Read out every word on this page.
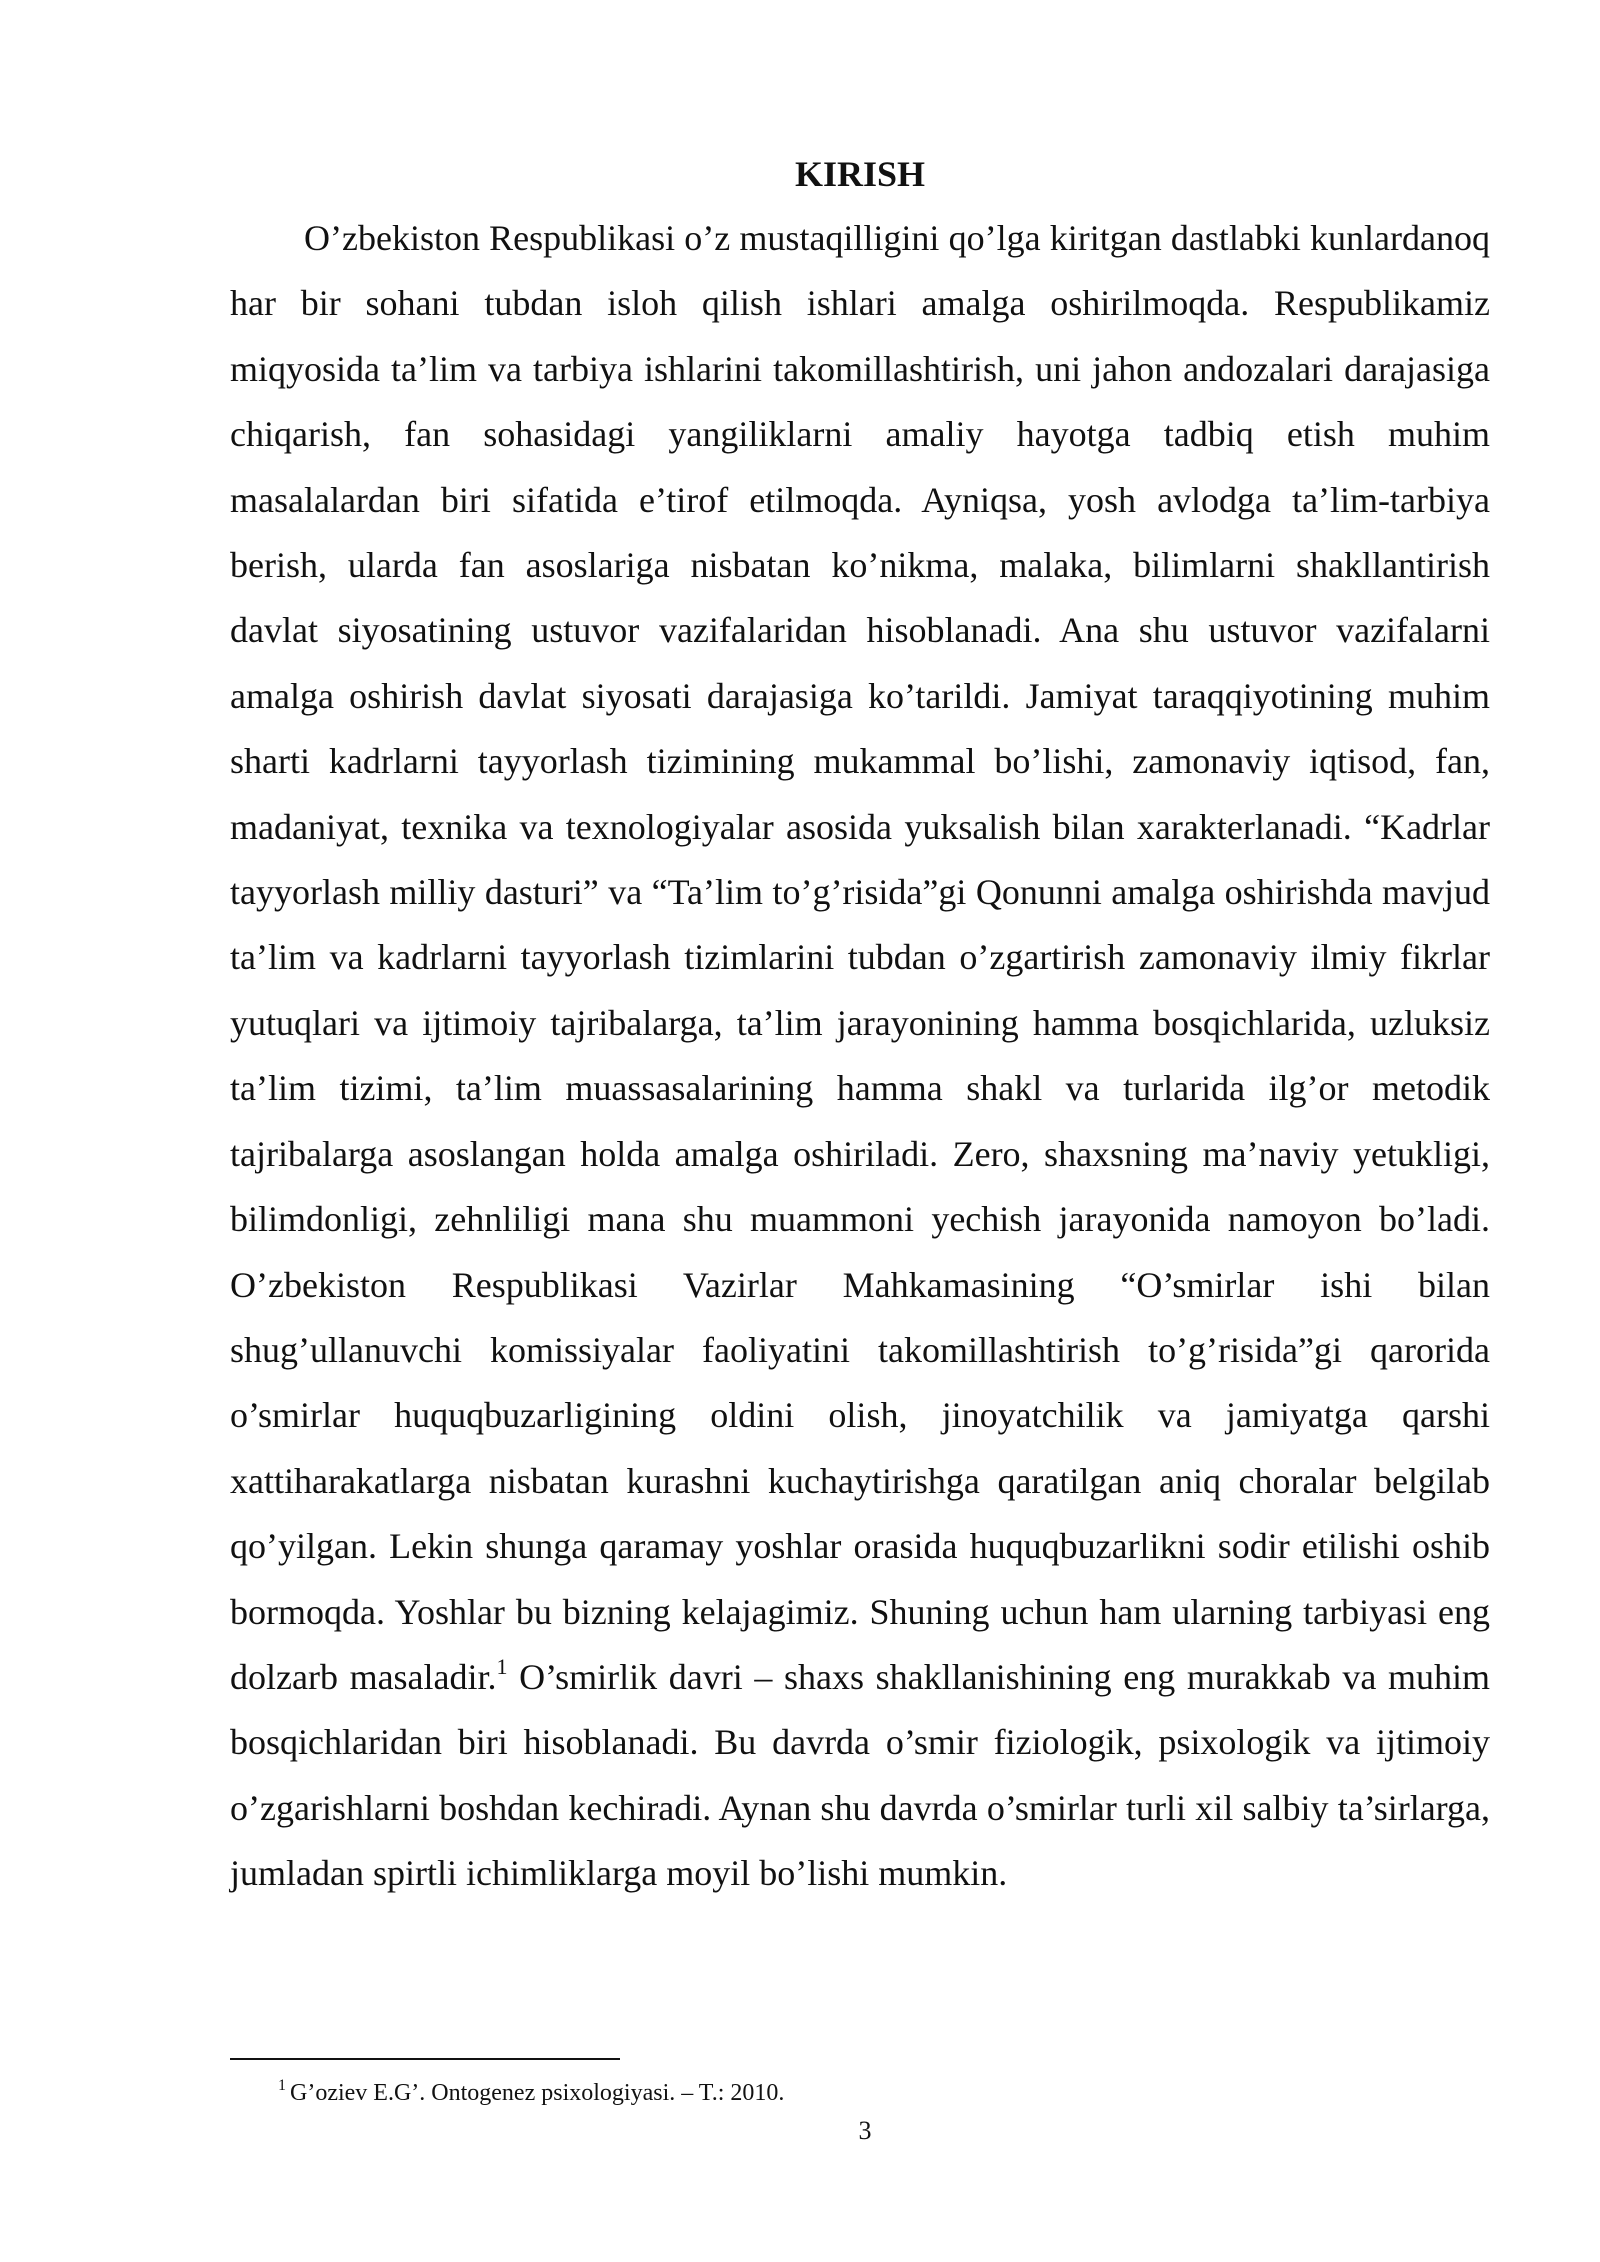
KIRISH

O’zbekiston Respublikasi o’z mustaqilligini qo’lga kiritgan dastlabki kunlardanoq har bir sohani tubdan isloh qilish ishlari amalga oshirilmoqda. Respublikamiz miqyosida ta’lim va tarbiya ishlarini takomillashtirish, uni jahon andozalari darajasiga chiqarish, fan sohasidagi yangiliklarni amaliy hayotga tadbiq etish muhim masalalardan biri sifatida e’tirof etilmoqda. Ayniqsa, yosh avlodga ta’lim-tarbiya berish, ularda fan asoslariga nisbatan ko’nikma, malaka, bilimlarni shakllantirish davlat siyosatining ustuvor vazifalaridan hisoblanadi. Ana shu ustuvor vazifalarni amalga oshirish davlat siyosati darajasiga ko’tarildi. Jamiyat taraqqiyotining muhim sharti kadrlarni tayyorlash tizimining mukammal bo’lishi, zamonaviy iqtisod, fan, madaniyat, texnika va texnologiyalar asosida yuksalish bilan xarakterlanadi. “Kadrlar tayyorlash milliy dasturi” va “Ta’lim to’g’risida”gi Qonunni amalga oshirishda mavjud ta’lim va kadrlarni tayyorlash tizimlarini tubdan o’zgartirish zamonaviy ilmiy fikrlar yutuqlari va ijtimoiy tajribalarga, ta’lim jarayonining hamma bosqichlarida, uzluksiz ta’lim tizimi, ta’lim muassasalarining hamma shakl va turlarida ilg’or metodik tajribalarga asoslangan holda amalga oshiriladi. Zero, shaxsning ma’naviy yetukligi, bilimdonligi, zehnliligi mana shu muammoni yechish jarayonida namoyon bo’ladi. O’zbekiston Respublikasi Vazirlar Mahkamasining “O’smirlar ishi bilan shug’ullanuvchi komissiyalar faoliyatini takomillashtirish to’g’risida”gi qarorida o’smirlar huquqbuzarligining oldini olish, jinoyatchilik va jamiyatga qarshi xattiharakatlarga nisbatan kurashni kuchaytirishga qaratilgan aniq choralar belgilab qo’yilgan. Lekin shunga qaramay yoshlar orasida huquqbuzarlikni sodir etilishi oshib bormoqda. Yoshlar bu bizning kelajagimiz. Shuning uchun ham ularning tarbiyasi eng dolzarb masaladir.$^1$ O’smirlik davri – shaxs shakllanishining eng murakkab va muhim bosqichlaridan biri hisoblanadi. Bu davrda o’smir fiziologik, psixologik va ijtimoiy o’zgarishlarni boshdan kechiradi. Aynan shu davrda o’smirlar turli xil salbiy ta’sirlarga, jumladan spirtli ichimliklarga moyil bo’lishi mumkin.

$^1$ G’oziev E.G’. Ontogenez psixologiyasi. – T.: 2010.
3
